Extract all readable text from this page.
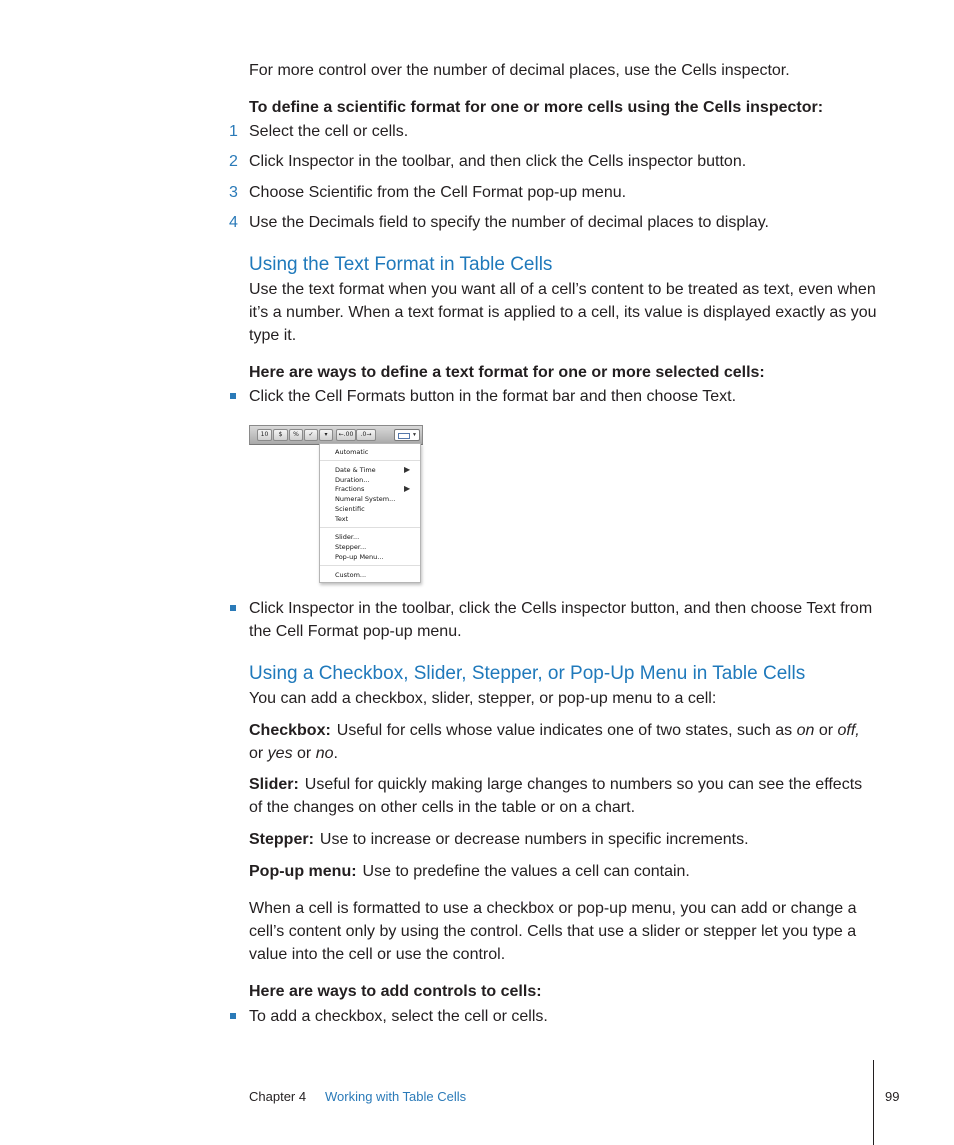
For more control over the number of decimal places, use the Cells inspector.
To define a scientific format for one or more cells using the Cells inspector:
1 Select the cell or cells.
2 Click Inspector in the toolbar, and then click the Cells inspector button.
3 Choose Scientific from the Cell Format pop-up menu.
4 Use the Decimals field to specify the number of decimal places to display.
Using the Text Format in Table Cells
Use the text format when you want all of a cell’s content to be treated as text, even when it’s a number. When a text format is applied to a cell, its value is displayed exactly as you type it.
Here are ways to define a text format for one or more selected cells:
Click the Cell Formats button in the format bar and then choose Text.
10	$	%	✓	▾	←.00	.0→	▼
Automatic
Date & Time	▶
Duration...
Fractions	▶
Numeral System...
Scientific
Text
Slider...
Stepper...
Pop-up Menu...
Custom...
Click Inspector in the toolbar, click the Cells inspector button, and then choose Text from the Cell Format pop-up menu.
Using a Checkbox, Slider, Stepper, or Pop-Up Menu in Table Cells
You can add a checkbox, slider, stepper, or pop-up menu to a cell:
Checkbox: Useful for cells whose value indicates one of two states, such as on or off,
or yes or no.
Slider: Useful for quickly making large changes to numbers so you can see the effects of the changes on other cells in the table or on a chart.
Stepper: Use to increase or decrease numbers in specific increments.
Pop-up menu: Use to predefine the values a cell can contain.
When a cell is formatted to use a checkbox or pop-up menu, you can add or change a cell’s content only by using the control. Cells that use a slider or stepper let you type a value into the cell or use the control.
Here are ways to add controls to cells:
To add a checkbox, select the cell or cells.
Chapter 4 Working with Table Cells	99
